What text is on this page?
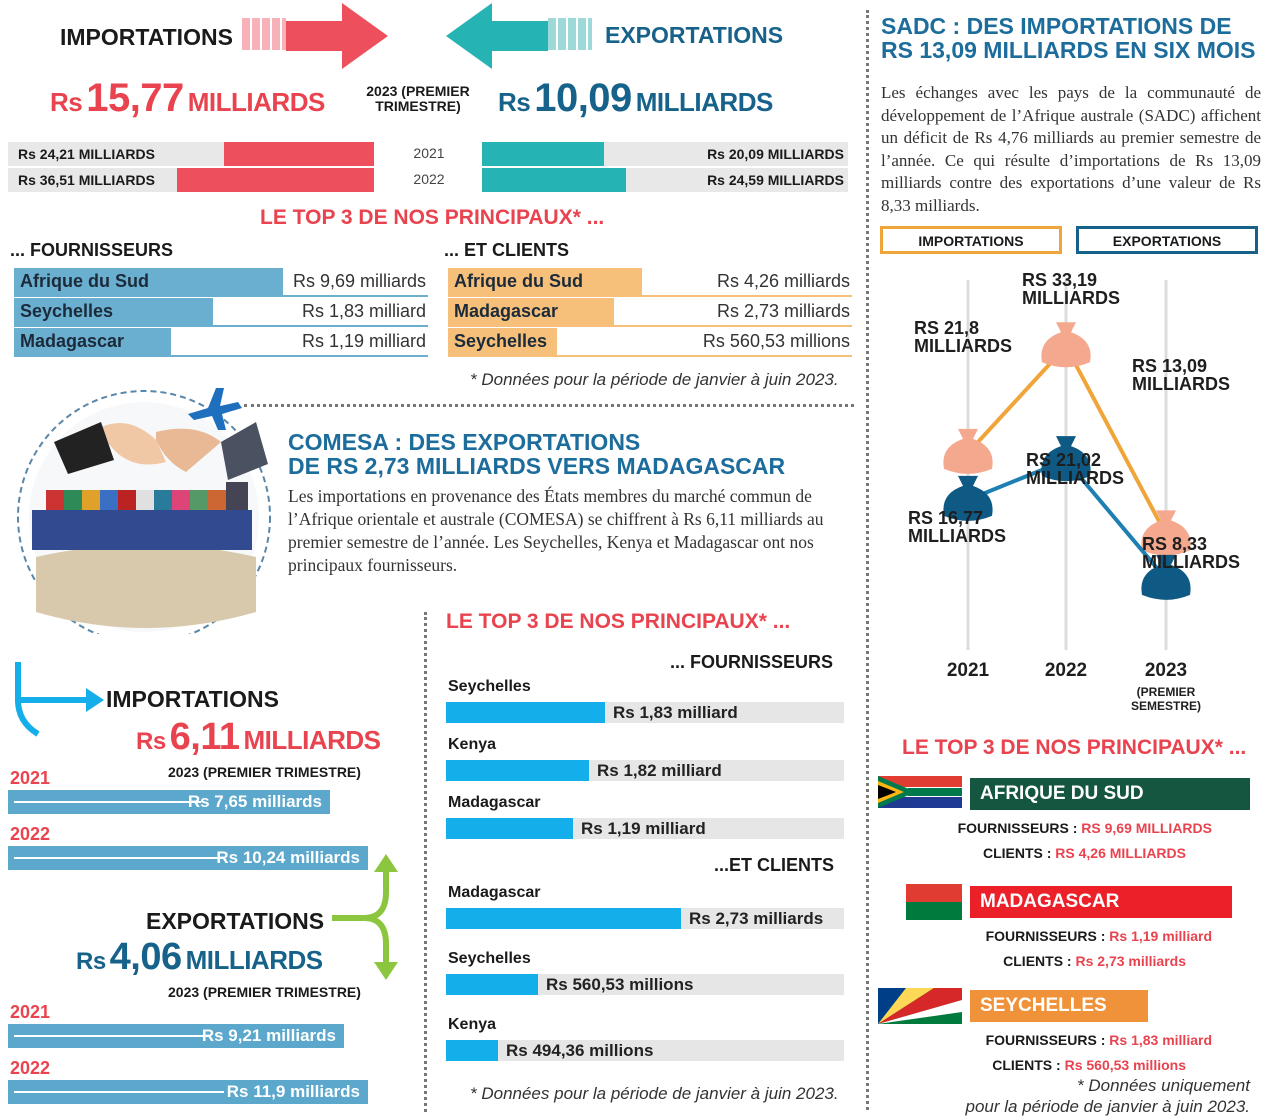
IMPORTATIONS	EXPORTATIONS
Rs 15,77 MILLIARDS	2023 (PREMIER TRIMESTRE)	Rs 10,09 MILLIARDS
Rs 24,21 MILLIARDS	2021	Rs 20,09 MILLIARDS
Rs 36,51 MILLIARDS	2022	Rs 24,59 MILLIARDS
LE TOP 3 DE NOS PRINCIPAUX* ...
... FOURNISSEURS	... ET CLIENTS
Afrique du Sud	Rs 9,69 milliards
Seychelles	Rs 1,83 milliard
Madagascar	Rs 1,19 milliard
Afrique du Sud	Rs 4,26 milliards
Madagascar	Rs 2,73 milliards
Seychelles	Rs 560,53 millions
* Données pour la période de janvier à juin 2023.
COMESA : DES EXPORTATIONS
DE RS 2,73 MILLIARDS VERS MADAGASCAR
Les importations en provenance des États membres du marché commun de l’Afrique orientale et australe (COMESA) se chiffrent à Rs 6,11 milliards au premier semestre de l’année. Les Seychelles, Kenya et Madagascar ont nos principaux fournisseurs.
IMPORTATIONS
Rs 6,11 MILLIARDS
2023 (PREMIER TRIMESTRE)
2021
Rs 7,65 milliards
2022
Rs 10,24 milliards
EXPORTATIONS
Rs 4,06 MILLIARDS
2023 (PREMIER TRIMESTRE)
2021
Rs 9,21 milliards
2022
Rs 11,9 milliards
LE TOP 3 DE NOS PRINCIPAUX* ...
... FOURNISSEURS
...ET CLIENTS
Seychelles
Rs 1,83 milliard
Kenya
Rs 1,82 milliard
Madagascar
Rs 1,19 milliard
Madagascar
Rs 2,73 milliards
Seychelles
Rs 560,53 millions
Kenya
Rs 494,36 millions
* Données pour la période de janvier à juin 2023.
SADC : DES IMPORTATIONS DE
RS 13,09 MILLIARDS EN SIX MOIS
Les échanges avec les pays de la communauté de développement de l’Afrique australe (SADC) affichent un déficit de Rs 4,76 milliards au premier semestre de l’année. Ce qui résulte d’importations de Rs 13,09 milliards contre des exportations d’une valeur de Rs 8,33 milliards.
IMPORTATIONS	EXPORTATIONS
RS 21,8
MILLIARDS
RS 33,19
MILLIARDS
RS 13,09
MILLIARDS
RS 16,77
MILLIARDS
RS 21,02
MILLIARDS
RS 8,33
MILLIARDS
2021	2022	2023
(PREMIER
SEMESTRE)
LE TOP 3 DE NOS PRINCIPAUX* ...
AFRIQUE DU SUD
FOURNISSEURS : RS 9,69 MILLIARDS
CLIENTS : RS 4,26 MILLIARDS
MADAGASCAR
FOURNISSEURS : Rs 1,19 milliard
CLIENTS : Rs 2,73 milliards
SEYCHELLES
FOURNISSEURS : Rs 1,83 milliard
CLIENTS : Rs 560,53 millions
* Données uniquement
pour la période de janvier à juin 2023.
